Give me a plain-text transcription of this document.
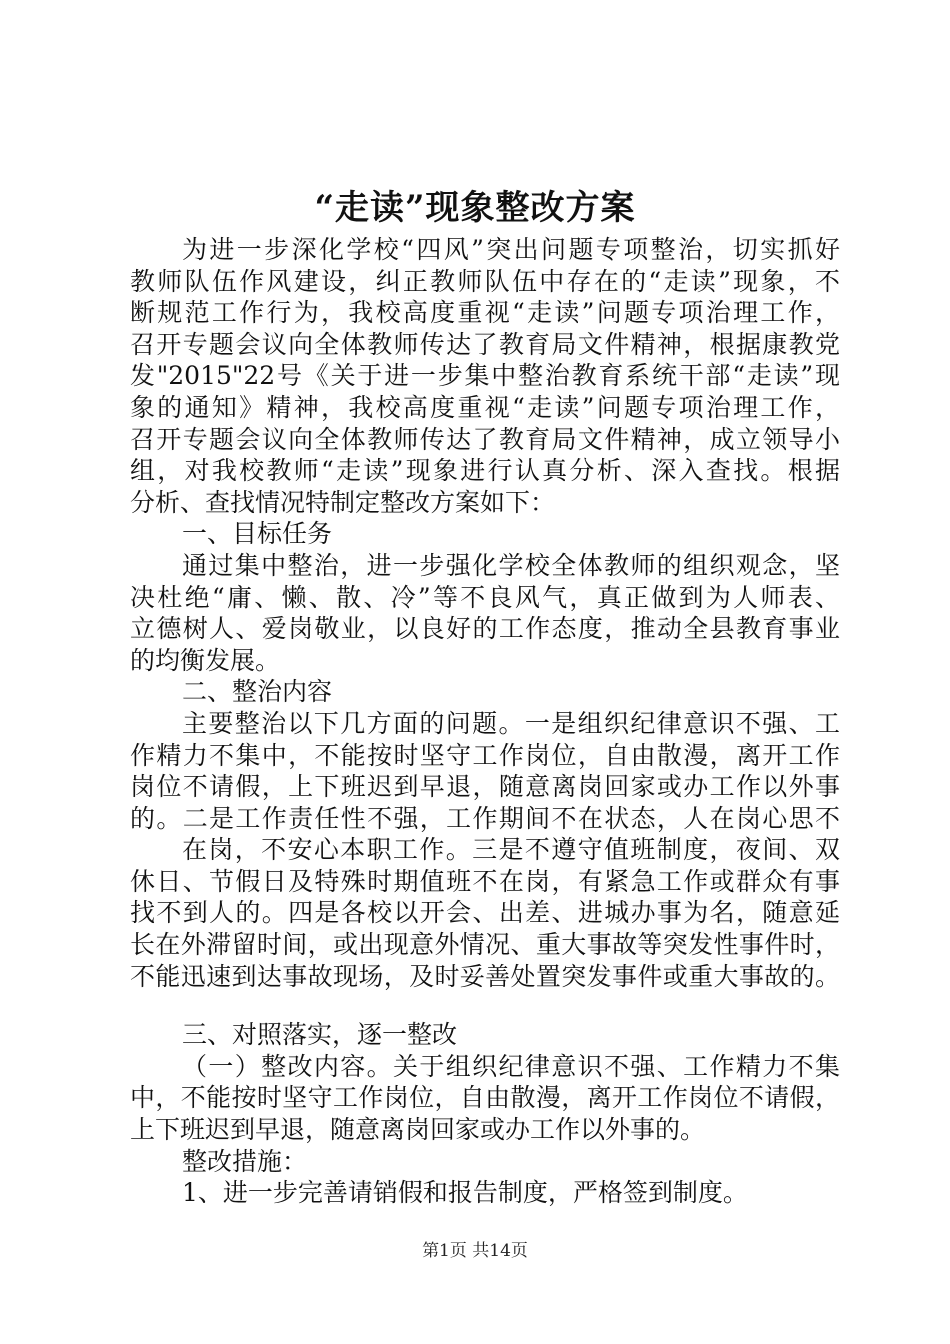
“走读”现象整改方案
为进一步深化学校“四风”突出问题专项整治，切实抓好
教师队伍作风建设，纠正教师队伍中存在的“走读”现象，不
断规范工作行为，我校高度重视“走读”问题专项治理工作，
召开专题会议向全体教师传达了教育局文件精神，根据康教党
发"2015"22号《关于进一步集中整治教育系统干部“走读”现
象的通知》精神，我校高度重视“走读”问题专项治理工作，
召开专题会议向全体教师传达了教育局文件精神，成立领导小
组，对我校教师“走读”现象进行认真分析、深入查找。根据
分析、查找情况特制定整改方案如下：
一、目标任务
通过集中整治，进一步强化学校全体教师的组织观念，坚
决杜绝“庸、懒、散、冷”等不良风气，真正做到为人师表、
立德树人、爱岗敬业，以良好的工作态度，推动全县教育事业
的均衡发展。
二、整治内容
主要整治以下几方面的问题。一是组织纪律意识不强、工
作精力不集中，不能按时坚守工作岗位，自由散漫，离开工作
岗位不请假，上下班迟到早退，随意离岗回家或办工作以外事
的。二是工作责任性不强，工作期间不在状态，人在岗心思不
在岗，不安心本职工作。三是不遵守值班制度，夜间、双
休日、节假日及特殊时期值班不在岗，有紧急工作或群众有事
找不到人的。四是各校以开会、出差、进城办事为名，随意延
长在外滞留时间，或出现意外情况、重大事故等突发性事件时，
不能迅速到达事故现场，及时妥善处置突发事件或重大事故的。
三、对照落实，逐一整改
（一）整改内容。关于组织纪律意识不强、工作精力不集
中，不能按时坚守工作岗位，自由散漫，离开工作岗位不请假，
上下班迟到早退，随意离岗回家或办工作以外事的。
整改措施：
1、进一步完善请销假和报告制度，严格签到制度。
第1页 共14页
